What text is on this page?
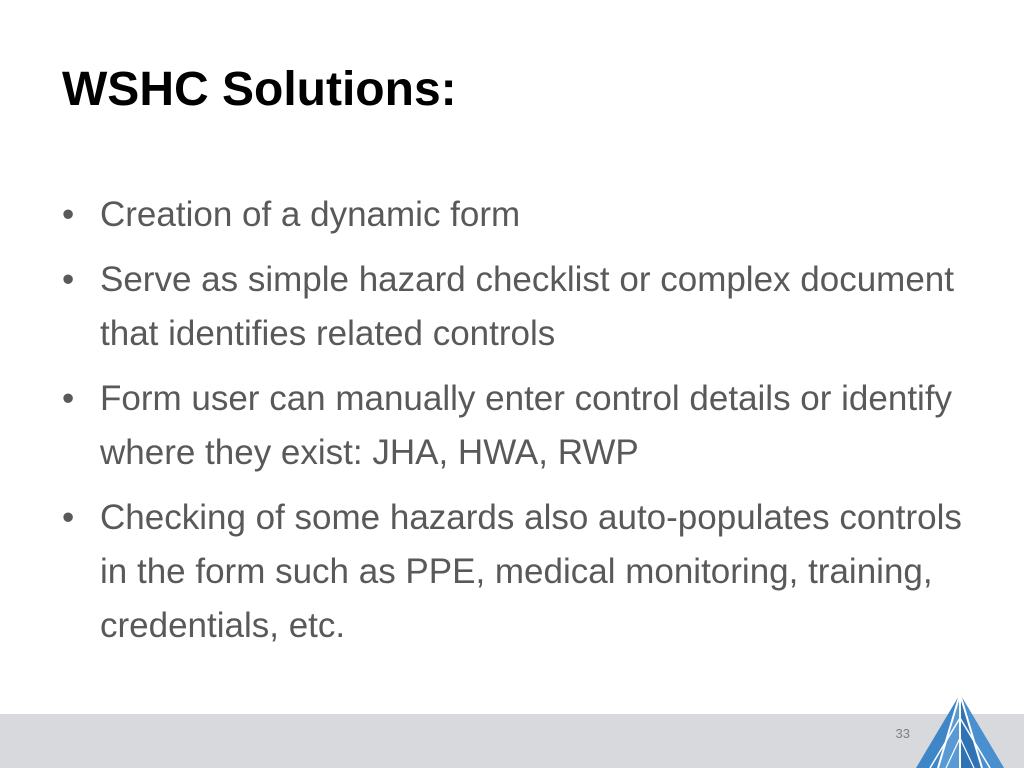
WSHC Solutions:
• Creation of a dynamic form
• Serve as simple hazard checklist or complex document that identifies related controls
• Form user can manually enter control details or identify where they exist: JHA, HWA, RWP
• Checking of some hazards also auto-populates controls in the form such as PPE, medical monitoring, training, credentials, etc.
33
